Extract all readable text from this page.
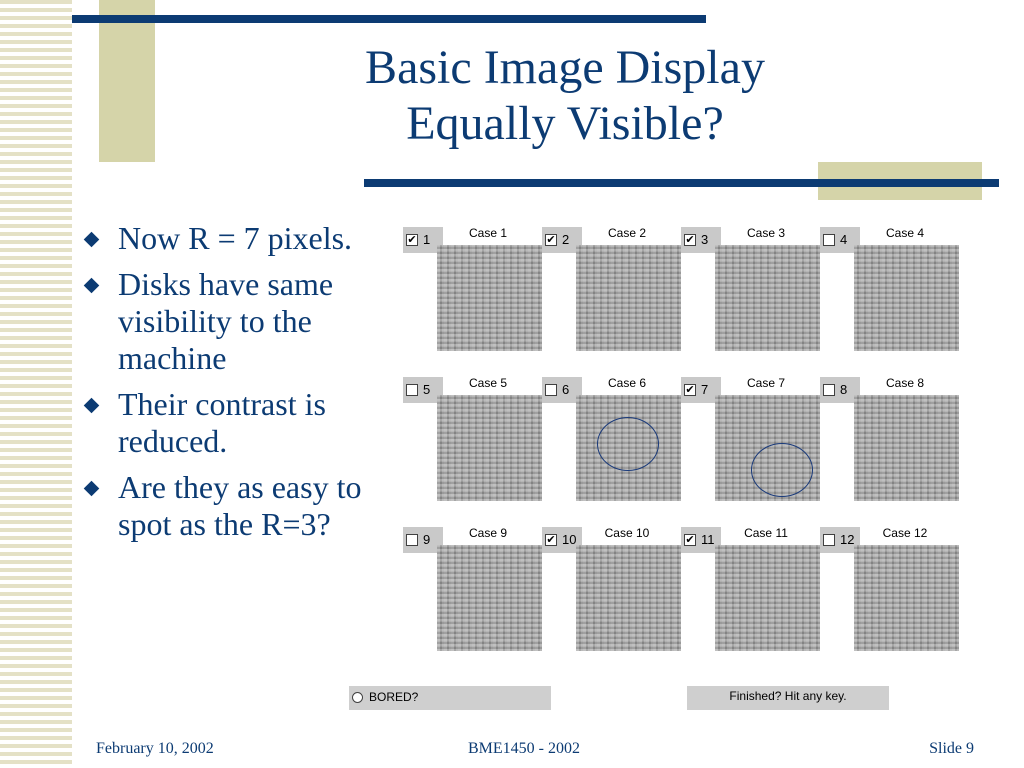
Basic Image Display
Equally Visible?
Now R = 7 pixels.
Disks have same visibility to the machine
Their contrast is reduced.
Are they as easy to spot as the R=3?
✔ 1	Case 1	✔ 2	Case 2	✔ 3	Case 3	4	Case 4
5	Case 5	6	Case 6	✔ 7	Case 7	8	Case 8
9	Case 9	✔ 10	Case 10	✔ 11	Case 11	12	Case 12
BORED?	Finished? Hit any key.
February 10, 2002	BME1450 - 2002	Slide 9
